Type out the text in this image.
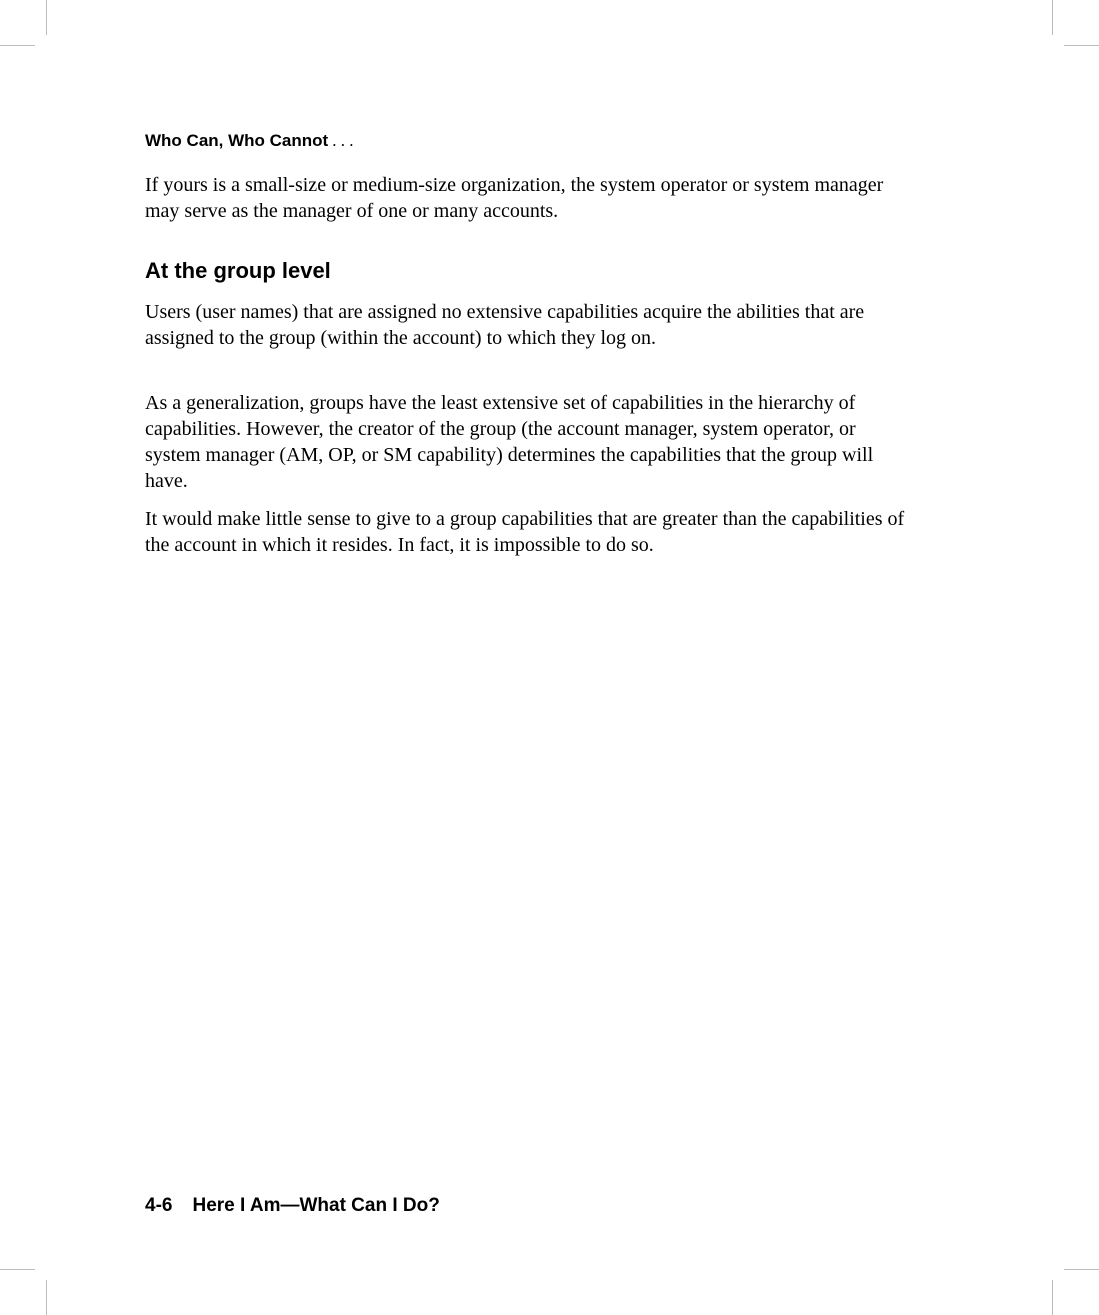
Who Can, Who Cannot . . .

If yours is a small-size or medium-size organization, the system operator or system manager may serve as the manager of one or many accounts.

At the group level

Users (user names) that are assigned no extensive capabilities acquire the abilities that are assigned to the group (within the account) to which they log on.

As a generalization, groups have the least extensive set of capabilities in the hierarchy of capabilities. However, the creator of the group (the account manager, system operator, or system manager (AM, OP, or SM capability) determines the capabilities that the group will have.

It would make little sense to give to a group capabilities that are greater than the capabilities of the account in which it resides. In fact, it is impossible to do so.

4-6 Here I Am—What Can I Do?
